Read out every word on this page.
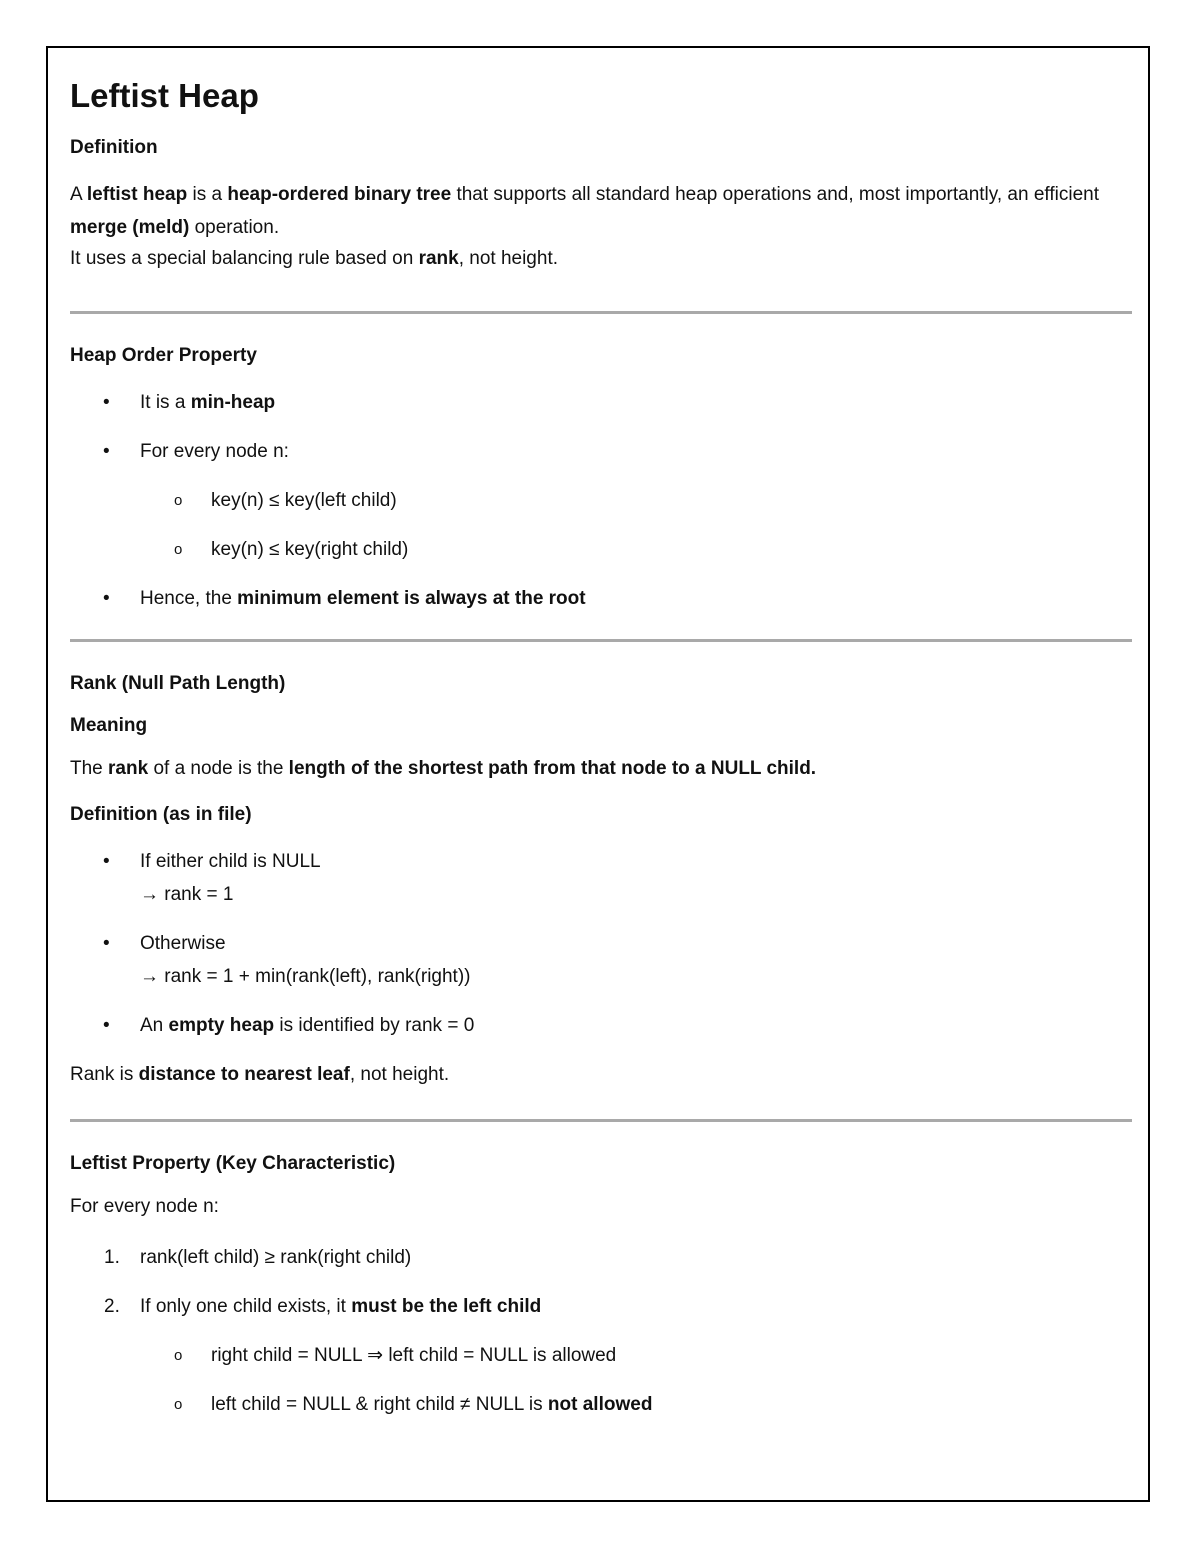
Leftist Heap
Definition

A leftist heap is a heap-ordered binary tree that supports all standard heap operations and, most importantly, an efficient merge (meld) operation.

It uses a special balancing rule based on rank, not height.

Heap Order Property
•	It is a min-heap
•	For every node n:
o	key(n) ≤ key(left child)
o	key(n) ≤ key(right child)
•	Hence, the minimum element is always at the root
Rank (Null Path Length)
Meaning

The rank of a node is the length of the shortest path from that node to a NULL child.

Definition (as in file)
•	If either child is NULL
→ rank = 1
•	Otherwise
→ rank = 1 + min(rank(left), rank(right))
•	An empty heap is identified by rank = 0

Rank is distance to nearest leaf, not height.

Leftist Property (Key Characteristic)

For every node n:

1.	rank(left child) ≥ rank(right child)
2.	If only one child exists, it must be the left child
o	right child = NULL ⇒ left child = NULL is allowed
o	left child = NULL & right child ≠ NULL is not allowed
